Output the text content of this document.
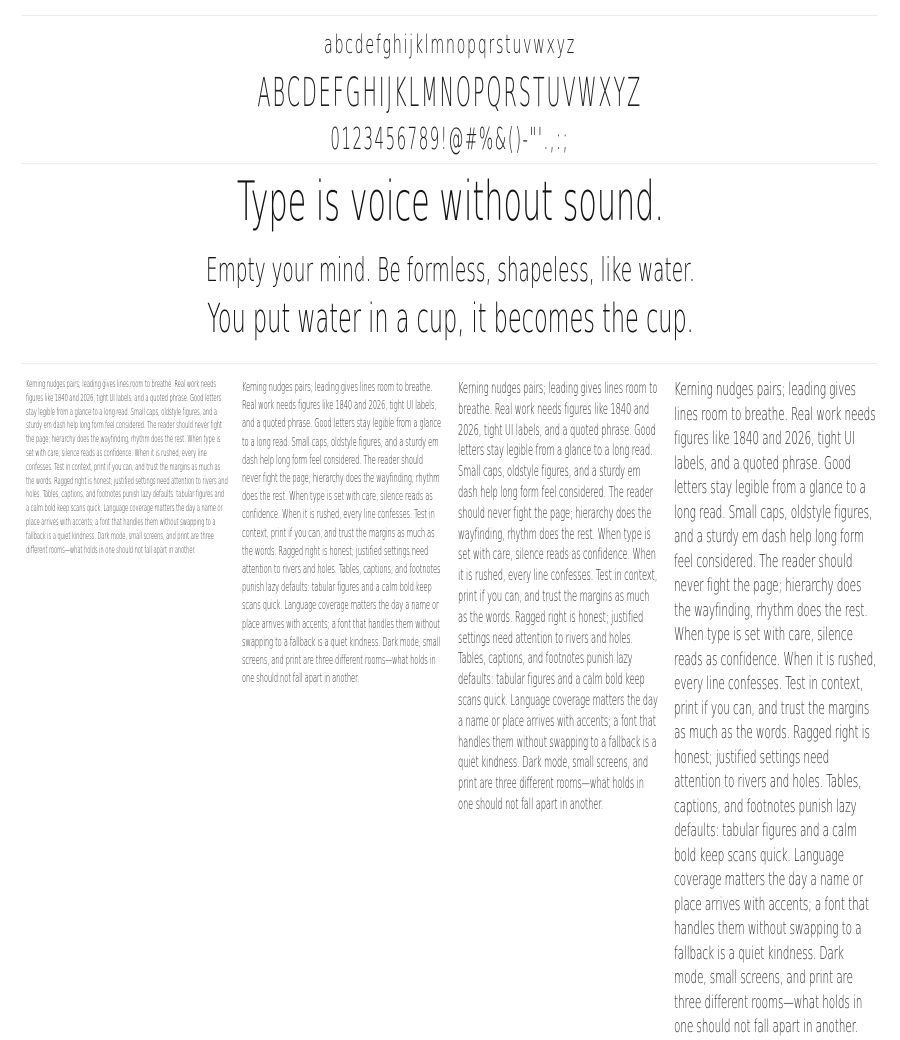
abcdefghijklmnopqrstuvwxyz
ABCDEFGHIJKLMNOPQRSTUVWXYZ
0123456789!@#%&()-"'.,:;
Type is voice without sound.
Empty your mind. Be formless, shapeless, like water.
You put water in a cup, it becomes the cup.
Kerning nudges pairs; leading gives lines room to breathe. Real work needs figures like 1840 and 2026, tight UI labels, and a quoted phrase. Good letters stay legible from a glance to a long read. Small caps, oldstyle figures, and a sturdy em dash help long form feel considered. The reader should never fight the page; hierarchy does the wayfinding, rhythm does the rest. When type is set with care, silence reads as confidence. When it is rushed, every line confesses. Test in context, print if you can, and trust the margins as much as the words. Ragged right is honest; justified settings need attention to rivers and holes. Tables, captions, and footnotes punish lazy defaults: tabular figures and a calm bold keep scans quick. Language coverage matters the day a name or place arrives with accents; a font that handles them without swapping to a fallback is a quiet kindness. Dark mode, small screens, and print are three different rooms—what holds in one should not fall apart in another.
Kerning nudges pairs; leading gives lines room to breathe. Real work needs figures like 1840 and 2026, tight UI labels, and a quoted phrase. Good letters stay legible from a glance to a long read. Small caps, oldstyle figures, and a sturdy em dash help long form feel considered. The reader should never fight the page; hierarchy does the wayfinding, rhythm does the rest. When type is set with care, silence reads as confidence. When it is rushed, every line confesses. Test in context, print if you can, and trust the margins as much as the words. Ragged right is honest; justified settings need attention to rivers and holes. Tables, captions, and footnotes punish lazy defaults: tabular figures and a calm bold keep scans quick. Language coverage matters the day a name or place arrives with accents; a font that handles them without swapping to a fallback is a quiet kindness. Dark mode, small screens, and print are three different rooms—what holds in one should not fall apart in another.
Kerning nudges pairs; leading gives lines room to breathe. Real work needs figures like 1840 and 2026, tight UI labels, and a quoted phrase. Good letters stay legible from a glance to a long read. Small caps, oldstyle figures, and a sturdy em dash help long form feel considered. The reader should never fight the page; hierarchy does the wayfinding, rhythm does the rest. When type is set with care, silence reads as confidence. When it is rushed, every line confesses. Test in context, print if you can, and trust the margins as much as the words. Ragged right is honest; justified settings need attention to rivers and holes. Tables, captions, and footnotes punish lazy defaults: tabular figures and a calm bold keep scans quick. Language coverage matters the day a name or place arrives with accents; a font that handles them without swapping to a fallback is a quiet kindness. Dark mode, small screens, and print are three different rooms—what holds in one should not fall apart in another.
Kerning nudges pairs; leading gives lines room to breathe. Real work needs figures like 1840 and 2026, tight UI labels, and a quoted phrase. Good letters stay legible from a glance to a long read. Small caps, oldstyle figures, and a sturdy em dash help long form feel considered. The reader should never fight the page; hierarchy does the wayfinding, rhythm does the rest. When type is set with care, silence reads as confidence. When it is rushed, every line confesses. Test in context, print if you can, and trust the margins as much as the words. Ragged right is honest; justified settings need attention to rivers and holes. Tables, captions, and footnotes punish lazy defaults: tabular figures and a calm bold keep scans quick. Language coverage matters the day a name or place arrives with accents; a font that handles them without swapping to a fallback is a quiet kindness. Dark mode, small screens, and print are three different rooms—what holds in one should not fall apart in another.
